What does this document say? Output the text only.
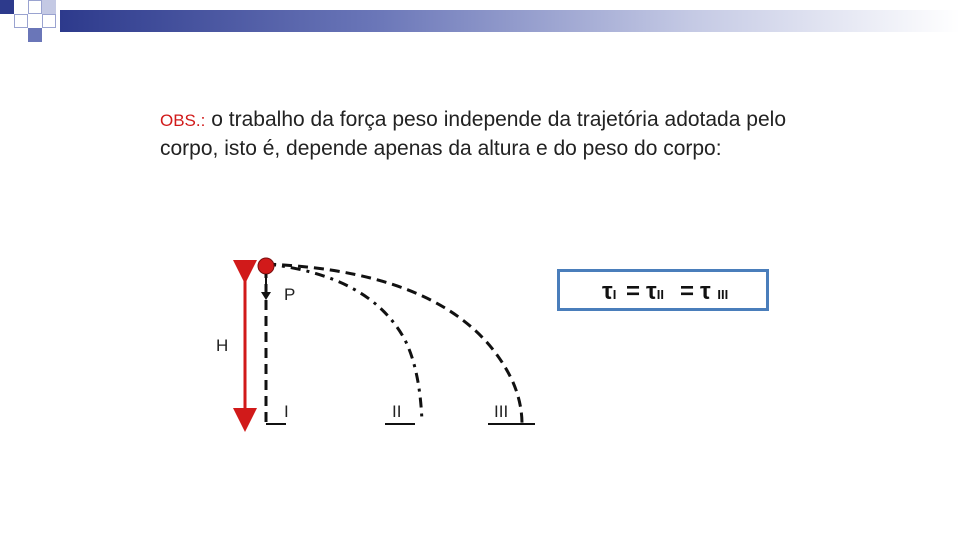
OBS.: o trabalho da força peso independe da trajetória adotada pelo corpo, isto é, depende apenas da altura e do peso do corpo:
P
H
I	II	III
τI = τII = τ III
